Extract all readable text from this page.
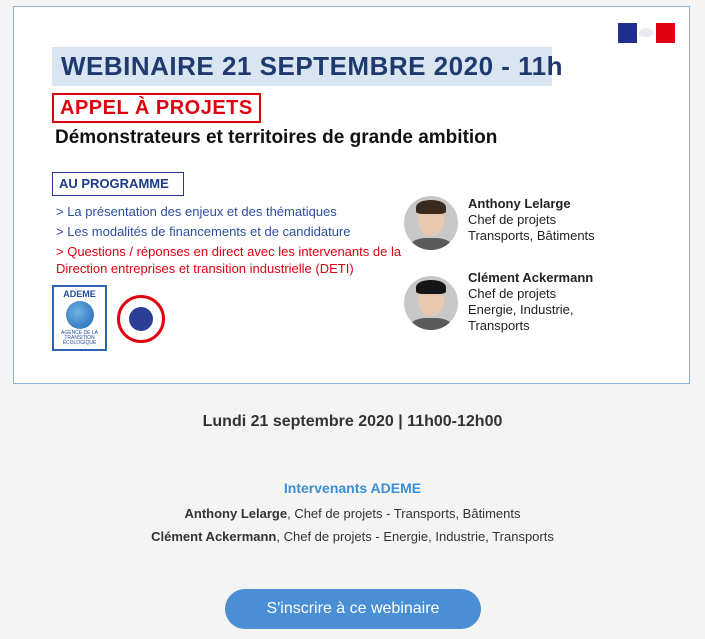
WEBINAIRE 21 SEPTEMBRE 2020 - 11h
APPEL À PROJETS
Démonstrateurs et territoires de grande ambition
AU PROGRAMME
> La présentation des enjeux et des thématiques
> Les modalités de financements et de candidature
> Questions / réponses en direct avec les intervenants de la Direction entreprises et transition industrielle (DETI)
ADEME
AGENCE DE LA TRANSITION ÉCOLOGIQUE
Anthony Lelarge
Chef de projets
Transports, Bâtiments
Clément Ackermann
Chef de projets
Energie, Industrie, Transports
Lundi 21 septembre 2020 | 11h00-12h00
Intervenants ADEME
Anthony Lelarge, Chef de projets - Transports, Bâtiments
Clément Ackermann, Chef de projets - Energie, Industrie, Transports
S'inscrire à ce webinaire
